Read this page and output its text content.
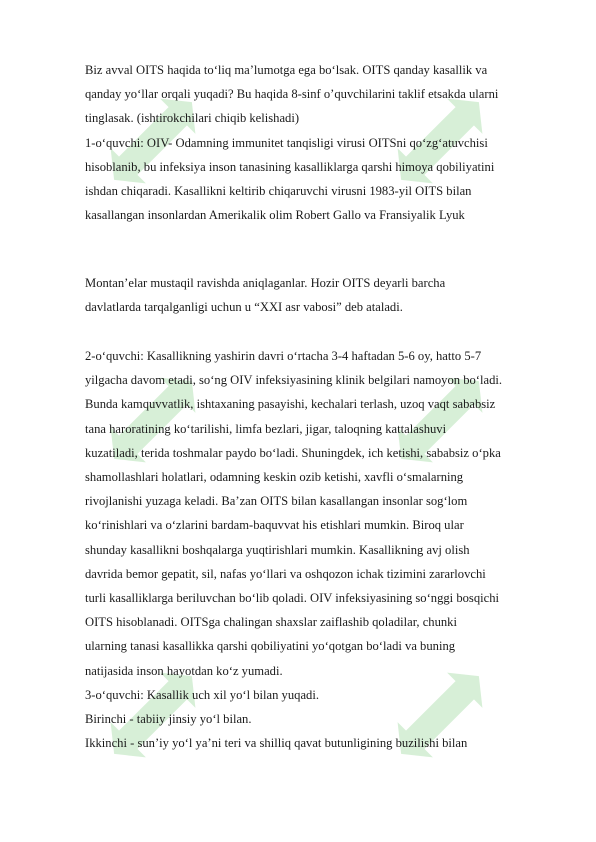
Biz avval OITS haqida to‘liq ma’lumotga ega bo‘lsak. OITS qanday kasallik va

qanday yo‘llar orqali yuqadi? Bu haqida 8-sinf o’quvchilarini taklif etsakda ularni

tinglasak. (ishtirokchilari chiqib kelishadi)

1-o‘quvchi: OIV- Odamning immunitet tanqisligi virusi OITSni qo‘zg‘atuvchisi

hisoblanib, bu infeksiya inson tanasining kasalliklarga qarshi himoya qobiliyatini

ishdan chiqaradi. Kasallikni keltirib chiqaruvchi virusni 1983-yil OITS bilan

kasallangan insonlardan Amerikalik olim Robert Gallo va Fransiyalik Lyuk

Montan’elar mustaqil ravishda aniqlaganlar. Hozir OITS deyarli barcha

davlatlarda tarqalganligi uchun u “XXI asr vabosi” deb ataladi.

2-o‘quvchi: Kasallikning yashirin davri o‘rtacha 3-4 haftadan 5-6 oy, hatto 5-7

yilgacha davom etadi, so‘ng OIV infeksiyasining klinik belgilari namoyon bo‘ladi.

Bunda kamquvvatlik, ishtaxaning pasayishi, kechalari terlash, uzoq vaqt sababsiz

tana haroratining ko‘tarilishi, limfa bezlari, jigar, taloqning kattalashuvi

kuzatiladi, terida toshmalar paydo bo‘ladi. Shuningdek, ich ketishi, sababsiz o‘pka

shamollashlari holatlari, odamning keskin ozib ketishi, xavfli o‘smalarning

rivojlanishi yuzaga keladi. Ba’zan OITS bilan kasallangan insonlar sog‘lom

ko‘rinishlari va o‘zlarini bardam-baquvvat his etishlari mumkin. Biroq ular

shunday kasallikni boshqalarga yuqtirishlari mumkin. Kasallikning avj olish

davrida bemor gepatit, sil, nafas yo‘llari va oshqozon ichak tizimini zararlovchi

turli kasalliklarga beriluvchan bo‘lib qoladi. OIV infeksiyasining so‘nggi bosqichi

OITS hisoblanadi. OITSga chalingan shaxslar zaiflashib qoladilar, chunki

ularning tanasi kasallikka qarshi qobiliyatini yo‘qotgan bo‘ladi va buning

natijasida inson hayotdan ko‘z yumadi.

3-o‘quvchi: Kasallik uch xil yo‘l bilan yuqadi.

Birinchi - tabiiy jinsiy yo‘l bilan.

Ikkinchi - sun’iy yo‘l ya’ni teri va shilliq qavat butunligining buzilishi bilan
